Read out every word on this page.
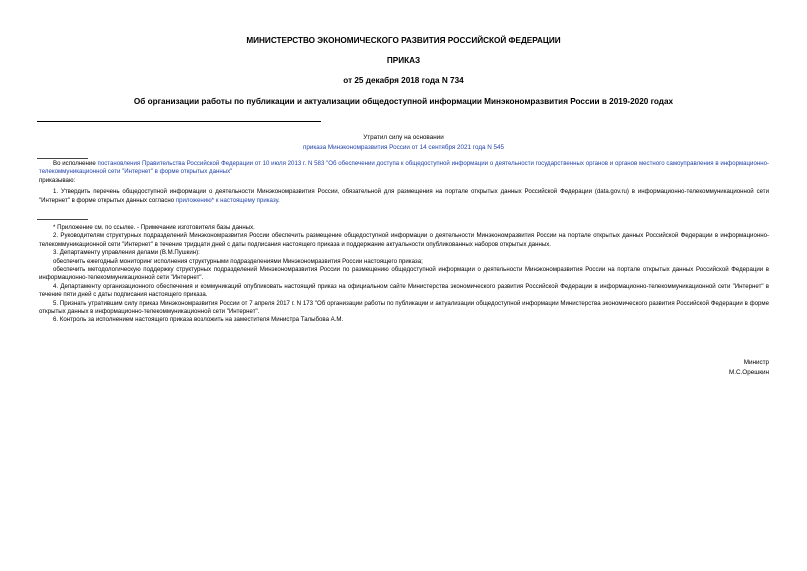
МИНИСТЕРСТВО ЭКОНОМИЧЕСКОГО РАЗВИТИЯ РОССИЙСКОЙ ФЕДЕРАЦИИ
ПРИКАЗ
от 25 декабря 2018 года N 734
Об организации работы по публикации и актуализации общедоступной информации Минэкономразвития России в 2019-2020 годах
Утратил силу на основании
приказа Минэкономразвития России от 14 сентября 2021 года N 545

Во исполнение постановления Правительства Российской Федерации от 10 июля 2013 г. N 583 "Об обеспечении доступа к общедоступной информации о деятельности государственных органов и органов местного самоуправления в информационно-телекоммуникационной сети "Интернет" в форме открытых данных"

приказываю:

1. Утвердить перечень общедоступной информации о деятельности Минэкономразвития России, обязательной для размещения на портале открытых данных Российской Федерации (data.gov.ru) в информационно-телекоммуникационной сети "Интернет" в форме открытых данных согласно приложению* к настоящему приказу.

* Приложение см. по ссылке. - Примечание изготовителя базы данных.

2. Руководителям структурных подразделений Минэкономразвития России обеспечить размещение общедоступной информации о деятельности Минэкономразвития России на портале открытых данных Российской Федерации в информационно-телекоммуникационной сети "Интернет" в течение тридцати дней с даты подписания настоящего приказа и поддержание актуальности опубликованных наборов открытых данных.

3. Департаменту управления делами (В.М.Пушкин):

обеспечить ежегодный мониторинг исполнения структурными подразделениями Минэкономразвития России настоящего приказа;

обеспечить методологическую поддержку структурных подразделений Минэкономразвития России по размещению общедоступной информации о деятельности Минэкономразвития России на портале открытых данных Российской Федерации в информационно-телекоммуникационной сети "Интернет".

4. Департаменту организационного обеспечения и коммуникаций опубликовать настоящий приказ на официальном сайте Министерства экономического развития Российской Федерации в информационно-телекоммуникационной сети "Интернет" в течение пяти дней с даты подписания настоящего приказа.

5. Признать утратившим силу приказ Минэкономразвития России от 7 апреля 2017 г. N 173 "Об организации работы по публикации и актуализации общедоступной информации Министерства экономического развития Российской Федерации в форме открытых данных в информационно-телекоммуникационной сети "Интернет".

6. Контроль за исполнением настоящего приказа возложить на заместителя Министра Талыбова А.М.

Министр
М.С.Орешкин
